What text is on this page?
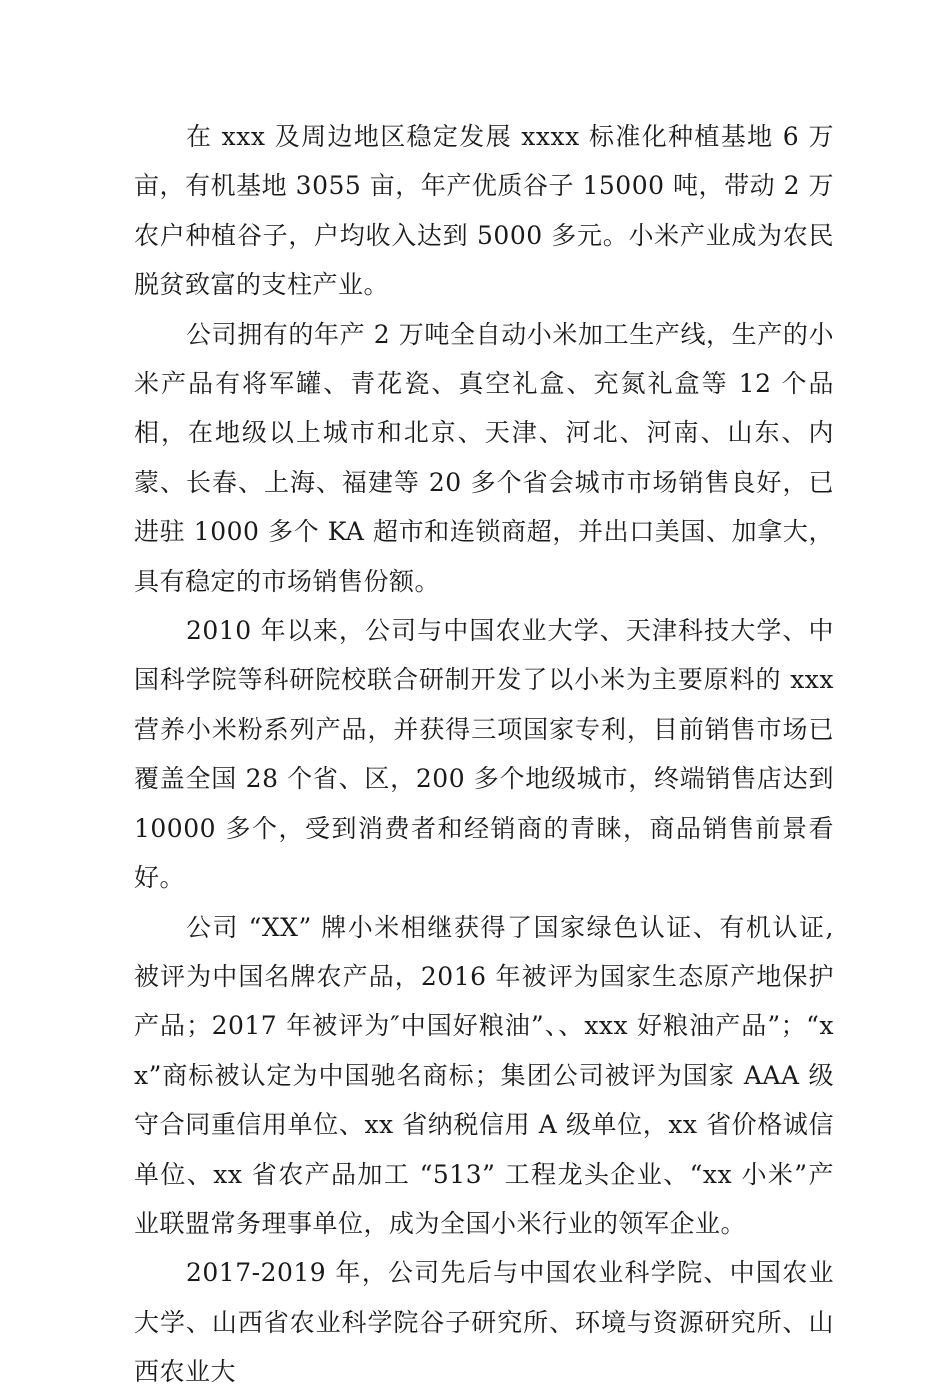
在 xxx 及周边地区稳定发展 xxxx 标准化种植基地 6 万亩，有机基地 3055 亩，年产优质谷子 15000 吨，带动 2 万农户种植谷子，户均收入达到 5000 多元。小米产业成为农民脱贫致富的支柱产业。

公司拥有的年产 2 万吨全自动小米加工生产线，生产的小米产品有将军罐、青花瓷、真空礼盒、充氮礼盒等 12 个品相，在地级以上城市和北京、天津、河北、河南、山东、内蒙、长春、上海、福建等 20 多个省会城市市场销售良好，已进驻 1000 多个 KA 超市和连锁商超，并出口美国、加拿大，具有稳定的市场销售份额。

2010 年以来，公司与中国农业大学、天津科技大学、中国科学院等科研院校联合研制开发了以小米为主要原料的 xxx 营养小米粉系列产品，并获得三项国家专利，目前销售市场已覆盖全国 28 个省、区，200 多个地级城市，终端销售店达到 10000 多个，受到消费者和经销商的青睐，商品销售前景看好。

公司 “XX” 牌小米相继获得了国家绿色认证、有机认证, 被评为中国名牌农产品，2016 年被评为国家生态原产地保护产品；2017 年被评为″中国好粮油”、、xxx 好粮油产品”；“xx”商标被认定为中国驰名商标；集团公司被评为国家 AAA 级守合同重信用单位、xx 省纳税信用 A 级单位，xx 省价格诚信单位、xx 省农产品加工 “513” 工程龙头企业、“xx 小米”产业联盟常务理事单位，成为全国小米行业的领军企业。

2017-2019 年，公司先后与中国农业科学院、中国农业大学、山西省农业科学院谷子研究所、环境与资源研究所、山西农业大
